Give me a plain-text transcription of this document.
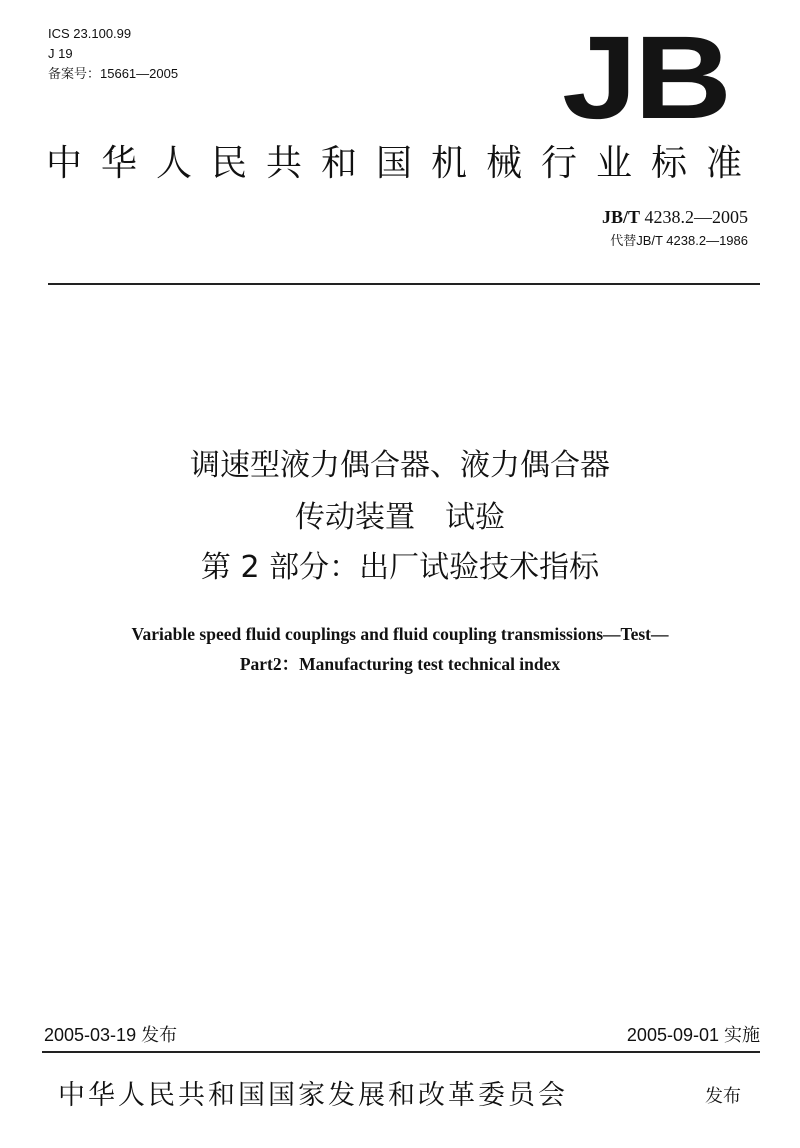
ICS 23.100.99
J 19
备案号：15661—2005	JB
中华人民共和国机械行业标准
JB/T 4238.2—2005
代替JB/T 4238.2—1986
调速型液力偶合器、液力偶合器
传动装置　试验
第 2 部分：出厂试验技术指标
Variable speed fluid couplings and fluid coupling transmissions—Test—
Part2：Manufacturing test technical index
2005-03-19 发布	2005-09-01 实施
中华人民共和国国家发展和改革委员会	发布
